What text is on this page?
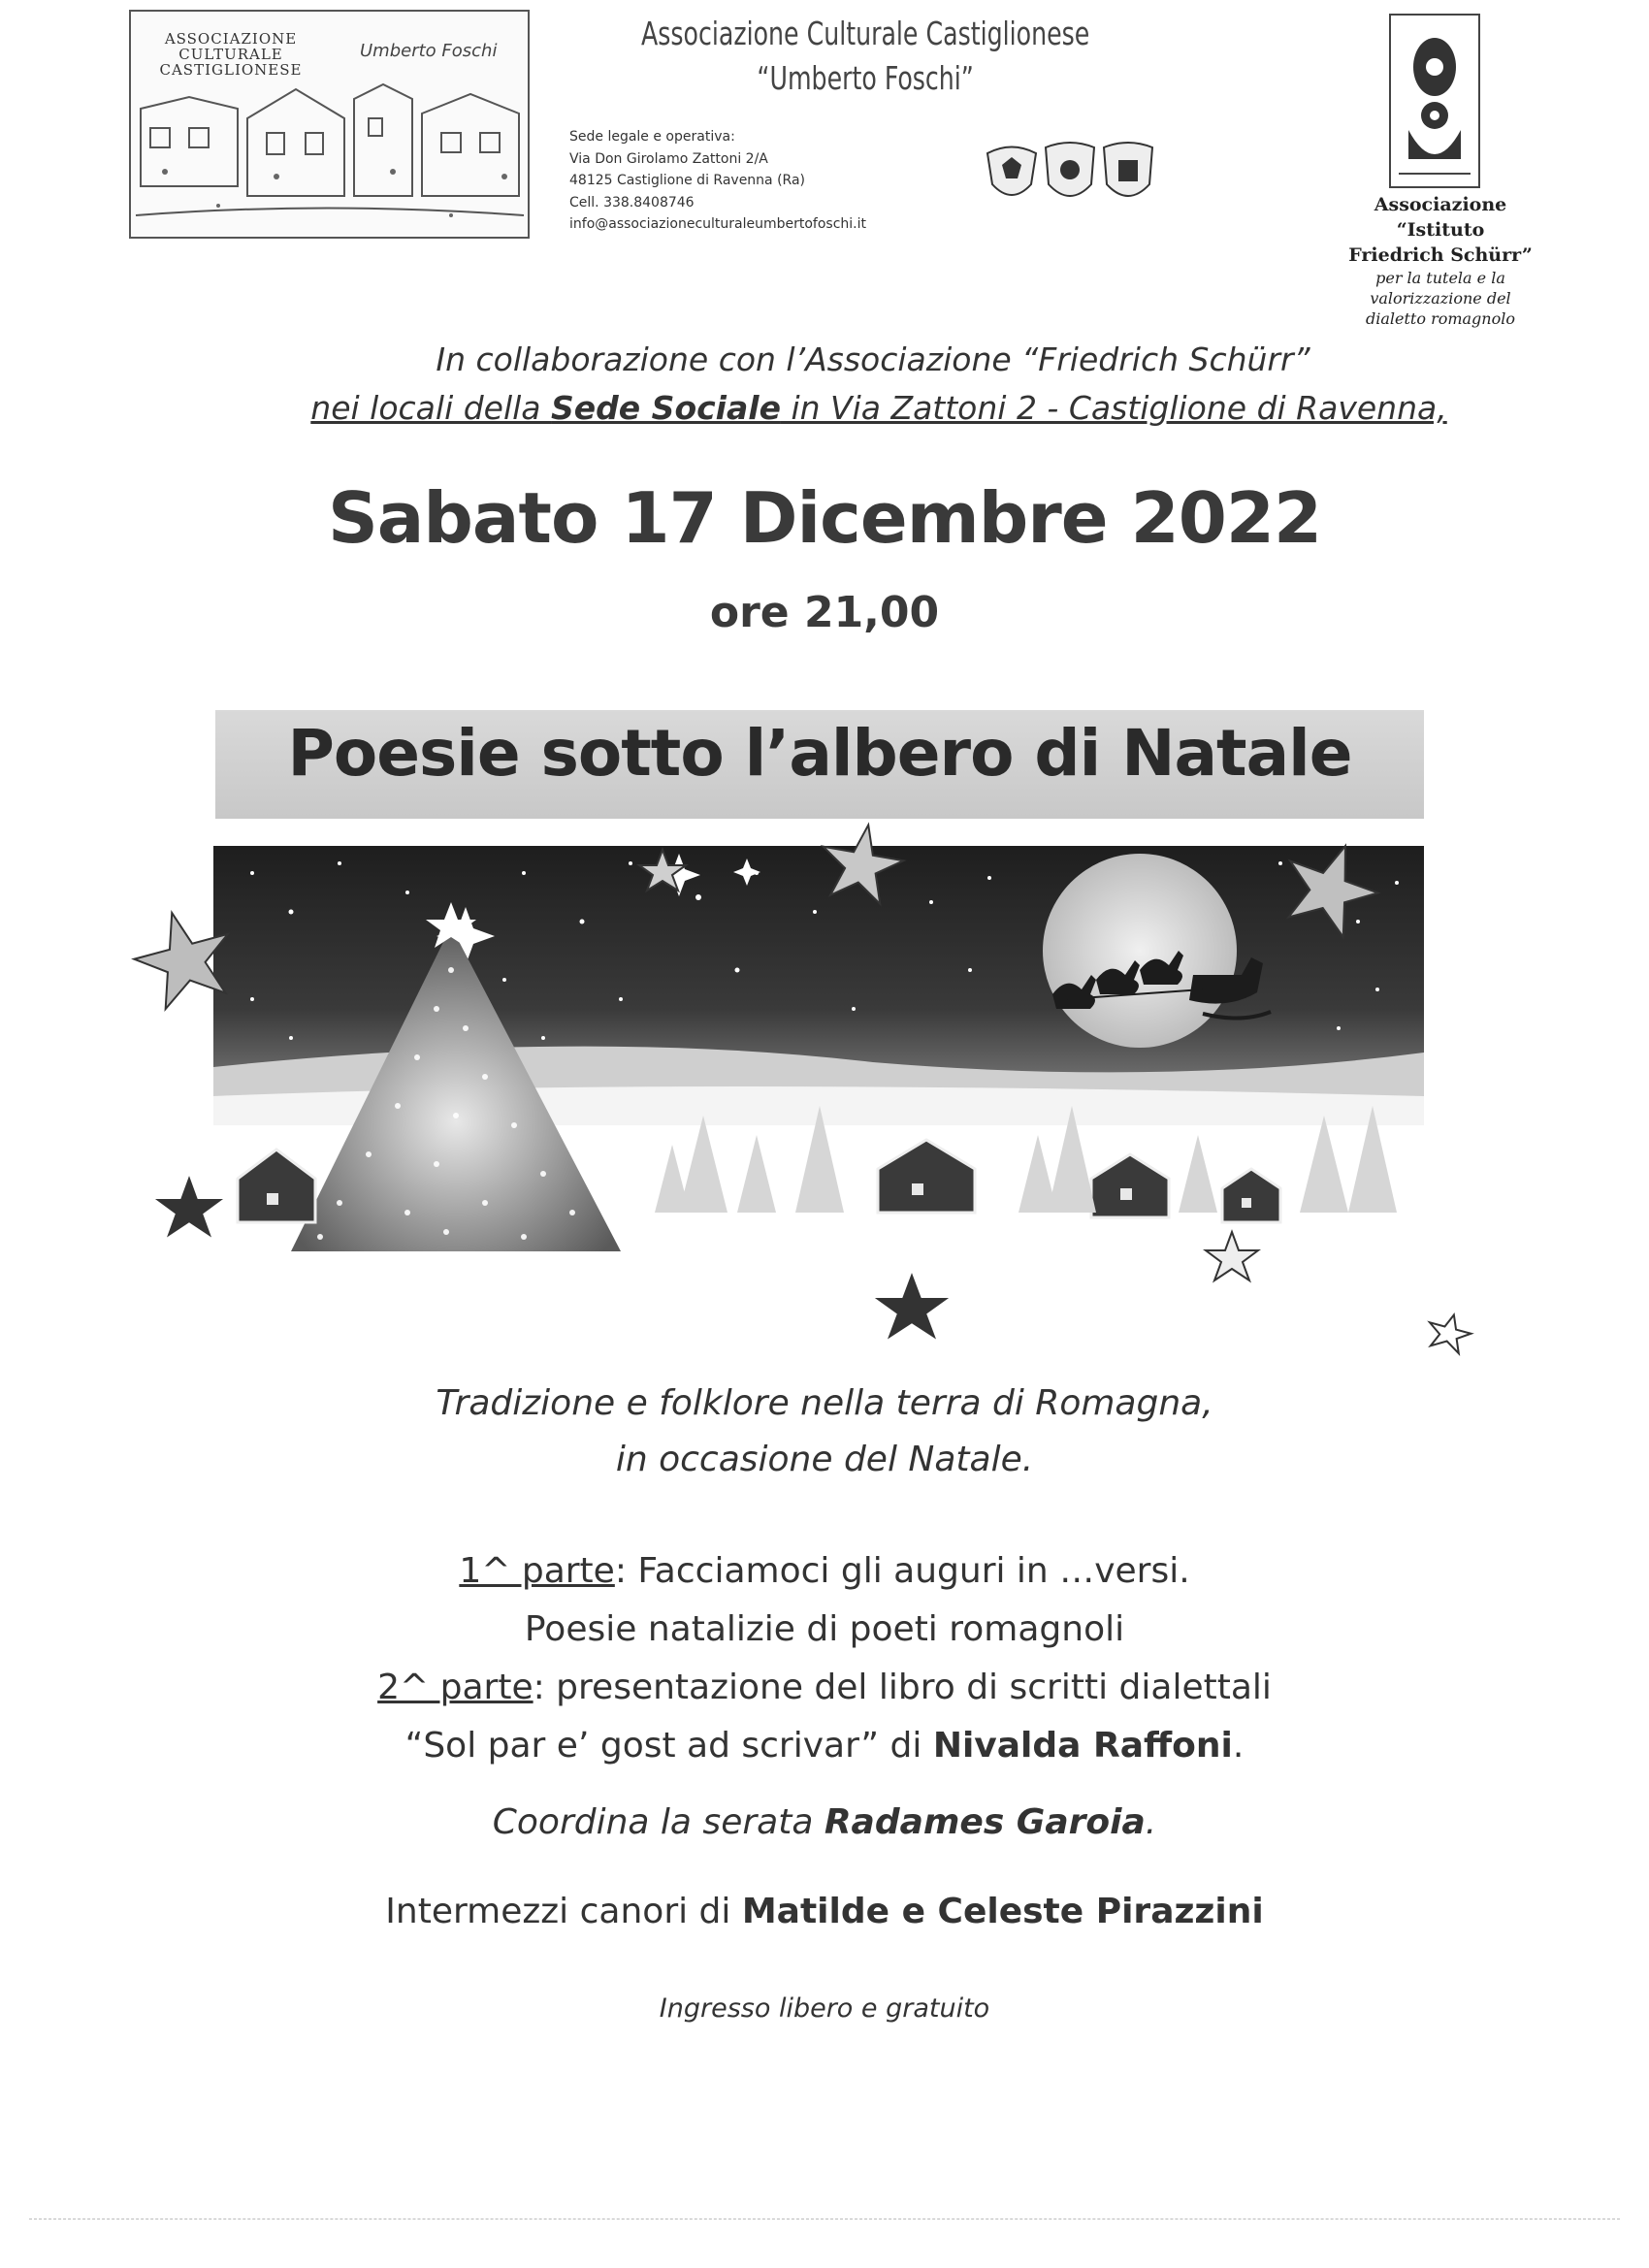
ASSOCIAZIONE
CULTURALE
CASTIGLIONESE
Umberto Foschi	Associazione Culturale Castiglionese
“Umberto Foschi”
Sede legale e operativa:
Via Don Girolamo Zattoni 2/A
48125 Castiglione di Ravenna (Ra)
Cell. 338.8408746
info@associazioneculturaleumbertofoschi.it
Associazione
“Istituto
Friedrich Schürr”
per la tutela e la
valorizzazione del
dialetto romagnolo
In collaborazione con l’Associazione “Friedrich Schürr”
nei locali della Sede Sociale in Via Zattoni 2 - Castiglione di Ravenna,
Sabato 17 Dicembre 2022
ore 21,00
Poesie sotto l’albero di Natale
Tradizione e folklore nella terra di Romagna,
in occasione del Natale.
1^ parte: Facciamoci gli auguri in …versi.
Poesie natalizie di poeti romagnoli
2^ parte: presentazione del libro di scritti dialettali
“Sol par e’ gost ad scrivar” di Nivalda Raffoni.
Coordina la serata Radames Garoia.
Intermezzi canori di Matilde e Celeste Pirazzini
Ingresso libero e gratuito
